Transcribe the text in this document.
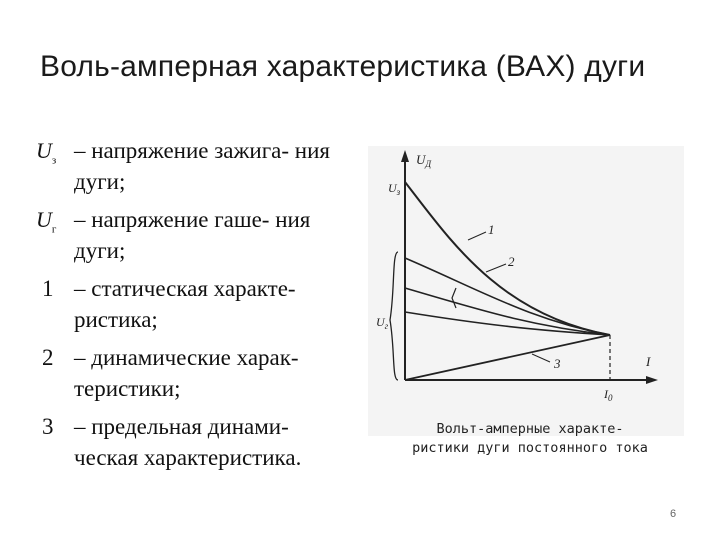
Воль-амперная характеристика (ВАХ) дуги
$U_з$ – напряжение зажига- ния дуги;
$U_г$ – напряжение гаше- ния дуги;
1 – статическая характе- ристика;
2 – динамические харак- теристики;
3 – предельная динами- ческая характеристика.
$U_Д$
I
$I_0$
$U_з$
$U_г$
1
2
3
Вольт-амперные характе-
ристики дуги постоянного тока
6
